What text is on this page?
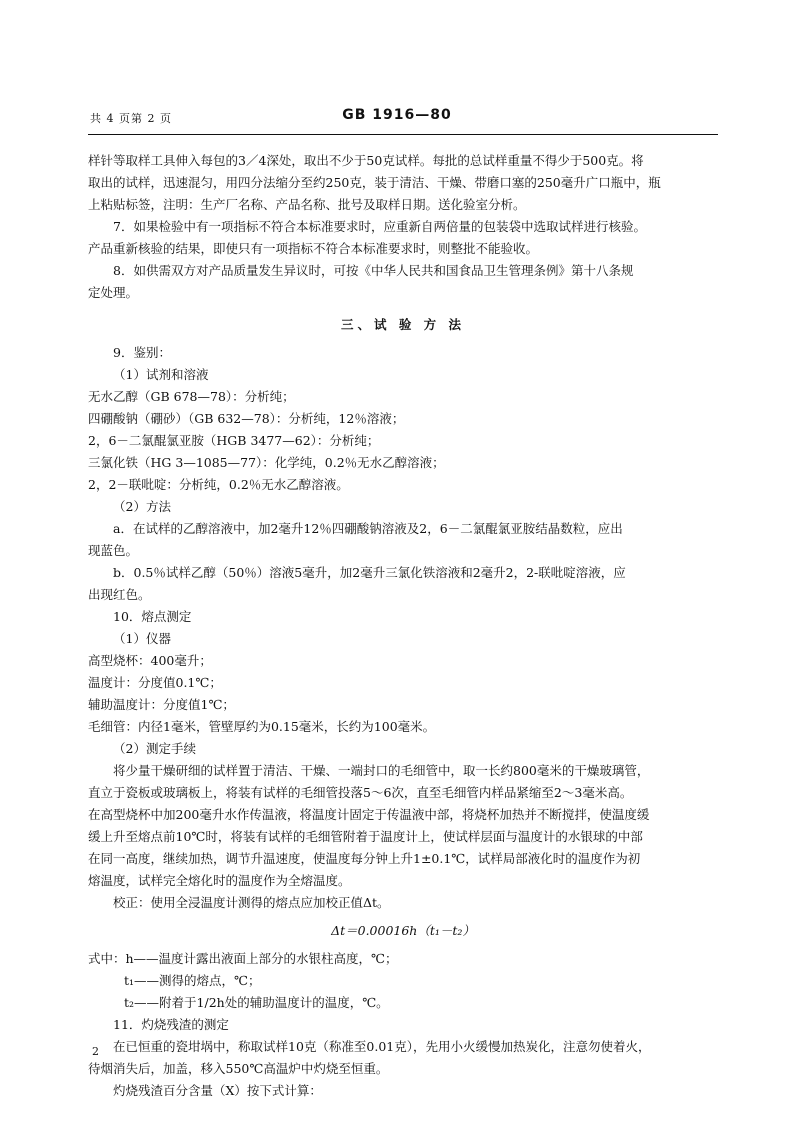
共 4 页第 2 页	GB 1916—80

样针等取样工具伸入每包的3／4深处，取出不少于50克试样。每批的总试样重量不得少于500克。将

取出的试样，迅速混匀，用四分法缩分至约250克，装于清洁、干燥、带磨口塞的250毫升广口瓶中，瓶

上粘贴标签，注明：生产厂名称、产品名称、批号及取样日期。送化验室分析。

7．如果检验中有一项指标不符合本标准要求时，应重新自两倍量的包装袋中选取试样进行核验。

产品重新核验的结果，即使只有一项指标不符合本标准要求时，则整批不能验收。

8．如供需双方对产品质量发生异议时，可按《中华人民共和国食品卫生管理条例》第十八条规

定处理。

三、试 验 方 法

9．鉴别：

（1）试剂和溶液

无水乙醇（GB 678—78）：分析纯；

四硼酸钠（硼砂）（GB 632—78）：分析纯，12％溶液；

2，6－二氯醌氯亚胺（HGB 3477—62）：分析纯；

三氯化铁（HG 3—1085—77）：化学纯，0.2％无水乙醇溶液；

2，2－联吡啶：分析纯，0.2％无水乙醇溶液。

（2）方法

a．在试样的乙醇溶液中，加2毫升12％四硼酸钠溶液及2，6－二氯醌氯亚胺结晶数粒，应出

现蓝色。

b．0.5％试样乙醇（50％）溶液5毫升，加2毫升三氯化铁溶液和2毫升2，2-联吡啶溶液，应

出现红色。

10．熔点测定

（1）仪器

高型烧杯：400毫升；

温度计：分度值0.1℃；

辅助温度计：分度值1℃；

毛细管：内径1毫米，管壁厚约为0.15毫米，长约为100毫米。

（2）测定手续

将少量干燥研细的试样置于清洁、干燥、一端封口的毛细管中，取一长约800毫米的干燥玻璃管，

直立于瓷板或玻璃板上，将装有试样的毛细管投落5～6次，直至毛细管内样品紧缩至2～3毫米高。

在高型烧杯中加200毫升水作传温液，将温度计固定于传温液中部，将烧杯加热并不断搅拌，使温度缓

缓上升至熔点前10℃时，将装有试样的毛细管附着于温度计上，使试样层面与温度计的水银球的中部

在同一高度，继续加热，调节升温速度，使温度每分钟上升1±0.1℃，试样局部液化时的温度作为初

熔温度，试样完全熔化时的温度作为全熔温度。

校正：使用全浸温度计测得的熔点应加校正值Δt。

Δt＝0.00016h（t₁－t₂）

式中：h——温度计露出液面上部分的水银柱高度，℃；

t₁——测得的熔点，℃；

t₂——附着于1/2h处的辅助温度计的温度，℃。

11．灼烧残渣的测定

在已恒重的瓷坩埚中，称取试样10克（称准至0.01克），先用小火缓慢加热炭化，注意勿使着火，

待烟消失后，加盖，移入550℃高温炉中灼烧至恒重。

灼烧残渣百分含量（X）按下式计算：

2
